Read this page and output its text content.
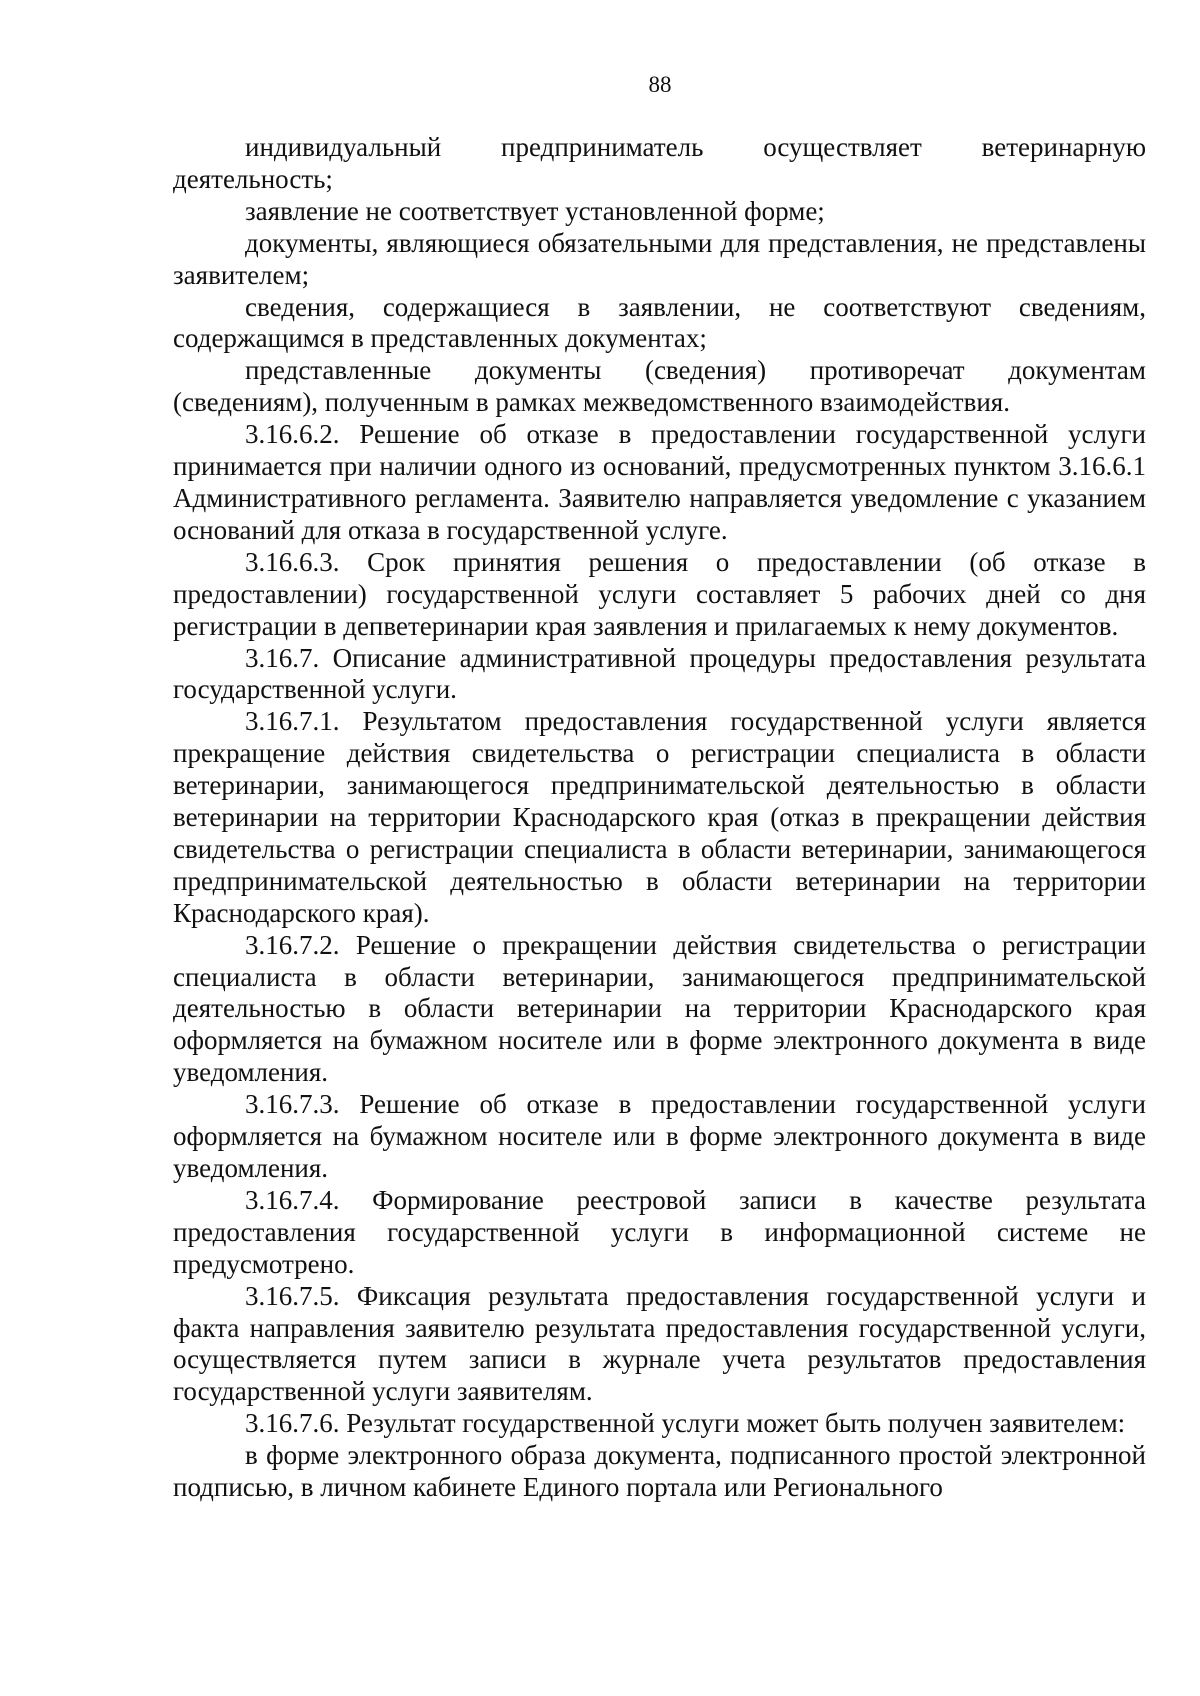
88

индивидуальный предприниматель осуществляет ветеринарную деятельность;

заявление не соответствует установленной форме;

документы, являющиеся обязательными для представления, не представлены заявителем;

сведения, содержащиеся в заявлении, не соответствуют сведениям, содержащимся в представленных документах;

представленные документы (сведения) противоречат документам (сведениям), полученным в рамках межведомственного взаимодействия.

3.16.6.2. Решение об отказе в предоставлении государственной услуги принимается при наличии одного из оснований, предусмотренных пунктом 3.16.6.1 Административного регламента. Заявителю направляется уведомление с указанием оснований для отказа в государственной услуге.

3.16.6.3. Срок принятия решения о предоставлении (об отказе в предоставлении) государственной услуги составляет 5 рабочих дней со дня регистрации в депветеринарии края заявления и прилагаемых к нему документов.

3.16.7. Описание административной процедуры предоставления результата государственной услуги.

3.16.7.1. Результатом предоставления государственной услуги является прекращение действия свидетельства о регистрации специалиста в области ветеринарии, занимающегося предпринимательской деятельностью в области ветеринарии на территории Краснодарского края (отказ в прекращении действия свидетельства о регистрации специалиста в области ветеринарии, занимающегося предпринимательской деятельностью в области ветеринарии на территории Краснодарского края).

3.16.7.2. Решение о прекращении действия свидетельства о регистрации специалиста в области ветеринарии, занимающегося предпринимательской деятельностью в области ветеринарии на территории Краснодарского края оформляется на бумажном носителе или в форме электронного документа в виде уведомления.

3.16.7.3. Решение об отказе в предоставлении государственной услуги оформляется на бумажном носителе или в форме электронного документа в виде уведомления.

3.16.7.4. Формирование реестровой записи в качестве результата предоставления государственной услуги в информационной системе не предусмотрено.

3.16.7.5. Фиксация результата предоставления государственной услуги и факта направления заявителю результата предоставления государственной услуги, осуществляется путем записи в журнале учета результатов предоставления государственной услуги заявителям.

3.16.7.6. Результат государственной услуги может быть получен заявителем:

в форме электронного образа документа, подписанного простой электронной подписью, в личном кабинете Единого портала или Регионального
